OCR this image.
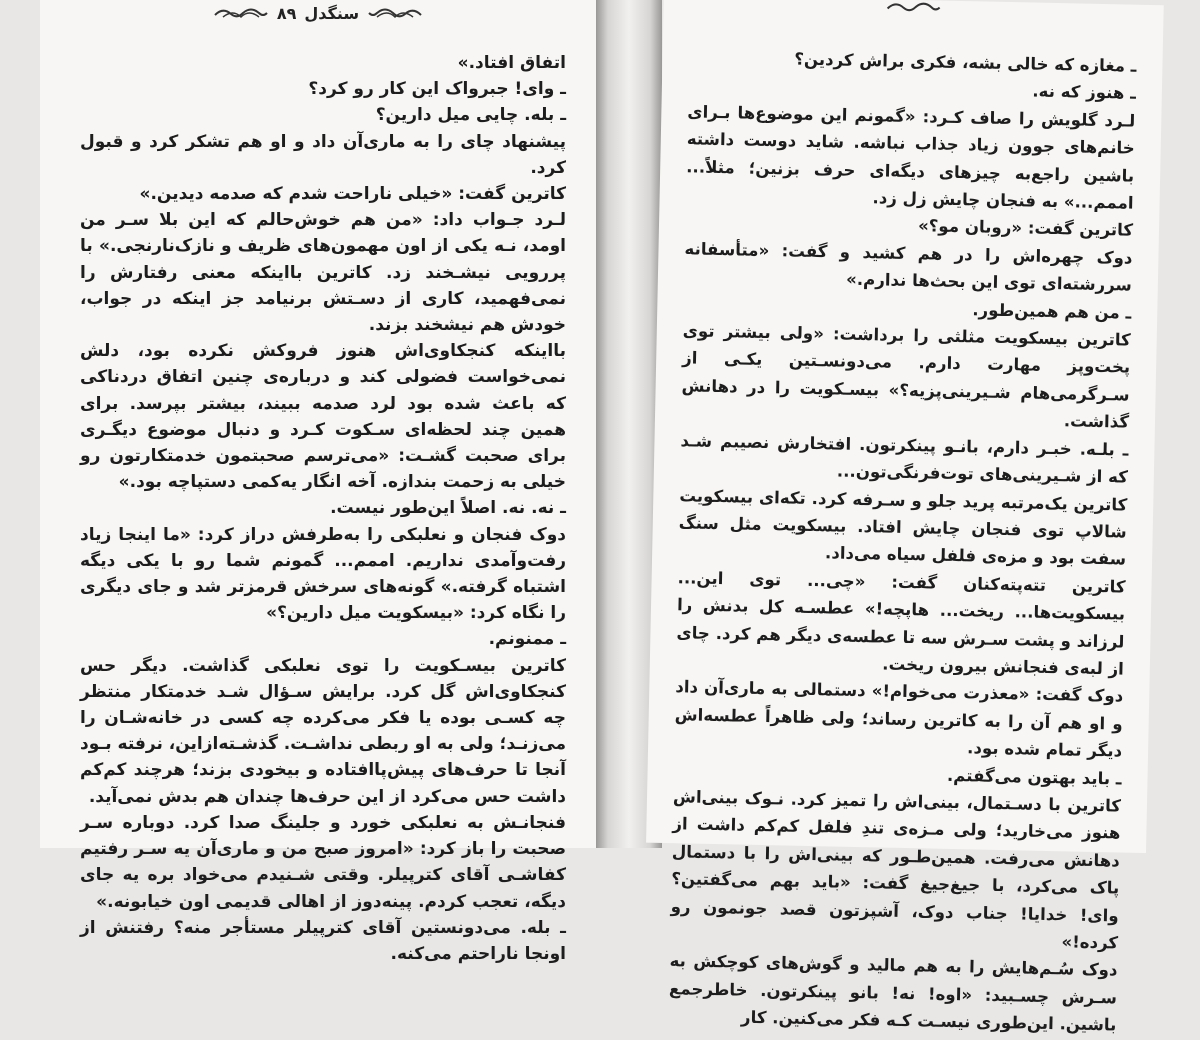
۸۹ سنگدل

اتفاق افتاد.»

ـ وای! جبرواک این کار رو کرد؟

ـ بله. چایی میل دارین؟

پیشنهاد چای را به ماری‌آن داد و او هم تشکر کرد و قبول کرد.

کاترین گفت: «خیلی ناراحت شدم که صدمه دیدین.»

لـرد جـواب داد: «من هم خوش‌حالم که این بلا سـر من اومد، نـه یکی از اون مهمون‌های ظریف و نازک‌نارنجی.» با پررویی نیشـخند زد. کاترین بااینکه معنی رفتارش را نمی‌فهمید، کاری از دسـتش برنیامد جز اینکه در جواب، خودش هم نیشخند بزند.

بااینکه کنجکاوی‌اش هنوز فروکش نکرده بود، دلش نمی‌خواست فضولی کند و درباره‌ی چنین اتفاق دردناکی که باعث شده بود لرد صدمه ببیند، بیشتر بپرسد. برای همین چند لحظه‌ای سـکوت کـرد و دنبال موضوع دیگـری برای صحبت گشـت: «می‌ترسم صحبتمون خدمتکارتون رو خیلی به زحمت بندازه. آخه انگار یه‌کمی دستپاچه بود.»

ـ نه. نه. اصلاً این‌طور نیست.

دوک فنجان و نعلبکی را به‌طرفش دراز کرد: «ما اینجا زیاد رفت‌وآمدی نداریم. اممم... گمونم شما رو با یکی دیگه اشتباه گرفته.» گونه‌های سرخش قرمزتر شد و جای دیگری را نگاه کرد: «بیسکویت میل دارین؟»

ـ ممنونم.

کاترین بیسـکویت را توی نعلبکی گذاشت. دیگر حس کنجکاوی‌اش گل کرد. برایش سـؤال شـد خدمتکار منتظر چه کسـی بوده یا فکر می‌کرده چه کسی در خانه‌شـان را می‌زنـد؛ ولی به او ربطی نداشـت. گذشـته‌ازاین، نرفته بـود آنجا تا حرف‌های پیش‌پاافتاده و بیخودی بزند؛ هرچند کم‌کم داشت حس می‌کرد از این حرف‌ها چندان هم بدش نمی‌آید.

فنجانـش به نعلبکی خورد و جلینگ صدا کرد. دوباره سـر صحبت را باز کرد: «امروز صبح من و ماری‌آن یه سـر رفتیم کفاشـی آقای کترپیلر. وقتی شـنیدم می‌خواد بره یه جای دیگه، تعجب کردم. پینه‌دوز از اهالی قدیمی اون خیابونه.»

ـ بله. می‌دونستین آقای کترپیلر مستأجر منه؟ رفتنش از اونجا ناراحتم می‌کنه.

ـ مغازه که خالی بشه، فکری براش کردین؟

ـ هنوز که نه.

لـرد گلویش را صاف کـرد: «گمونم این موضوع‌ها بـرای خانم‌های جوون زیاد جذاب نباشه. شاید دوست داشته باشین راجع‌به چیزهای دیگه‌ای حرف بزنین؛ مثلاً... اممم...» به فنجان چایش زل زد.

کاترین گفت: «روبان مو؟»

دوک چهره‌اش را در هم کشید و گفت: «متأسفانه سررشته‌ای توی این بحث‌ها ندارم.»

ـ من هم همین‌طور.

کاترین بیسکویت مثلثی را برداشت: «ولی بیشتر توی پخت‌وپز مهارت دارم. می‌دونسـتین یکـی از سـرگرمی‌هام شـیرینی‌پزیه؟» بیسـکویت را در دهانش گذاشت.

ـ بلـه. خبـر دارم، بانـو پینکرتون. افتخارش نصیبم شـد که از شـیرینی‌های توت‌فرنگی‌تون...

کاترین یک‌مرتبه پرید جلو و سـرفه کرد. تکه‌ای بیسکویت شالاپ توی فنجان چایش افتاد. بیسکویت مثل سنگ سفت بود و مزه‌ی فلفل سیاه می‌داد.

کاترین تته‌پته‌کنان گفت: «چی... توی این... بیسکویت‌ها... ریخت... هاپچه!» عطسـه کل بدنش را لرزاند و پشت سـرش سه تا عطسه‌ی دیگر هم کرد. چای از لبه‌ی فنجانش بیرون ریخت.

دوک گفت: «معذرت می‌خوام!» دستمالی به ماری‌آن داد و او هم آن را به کاترین رساند؛ ولی ظاهراً عطسه‌اش دیگر تمام شده بود.

ـ باید بهتون می‌گفتم.

کاترین با دسـتمال، بینی‌اش را تمیز کرد. نـوک بینی‌اش هنوز می‌خارید؛ ولی مـزه‌ی تندِ فلفل کم‌کم داشت از دهانش می‌رفت. همین‌طـور که بینی‌اش را با دستمال پاک می‌کرد، با جیغ‌جیغ گفت: «باید بهم می‌گفتین؟ وای! خدایا! جناب دوک، آشپزتون قصد جونمون رو کرده!»

دوک سُـم‌هایش را به هم مالید و گوش‌های کوچکش به سـرش چسـبید: «اوه! نه! بانو پینکرتون. خاطرجمع باشین. این‌طوری نیسـت کـه فکر می‌کنین. کار
